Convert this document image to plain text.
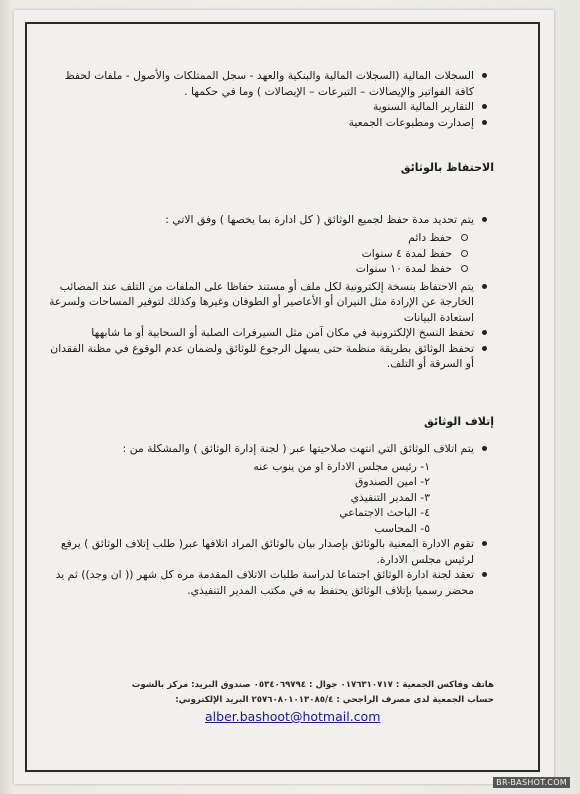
السجلات المالية (السجلات المالية والبنكية والعهد - سجل الممتلكات والأصول - ملفات لحفظ كافة الفواتير والإيصالات – التبرعات – الإيصالات ) وما في حكمها .
التقارير المالية السنوية
إصدارت ومطبوعات الجمعية

الاحتفاظ بالوثائق

يتم تحديد مدة حفظ لجميع الوثائق ( كل ادارة بما يخصها ) وفق الاتي :
حفظ دائم
حفظ لمدة ٤ سنوات
حفظ لمدة ١٠ سنوات
يتم الاحتفاظ بنسخة إلكترونية لكل ملف أو مستند حفاظا على الملفات من التلف عند المصائب الخارجة عن الإرادة مثل النيران أو الأعاصير أو الطوفان وغيرها وكذلك لتوفير المساحات ولسرعة استعادة البيانات
تحفظ النسخ الإلكترونية في مكان آمن مثل السيرفرات الصلبة أو السحابية أو ما شابهها
تحفظ الوثائق بطريقة منظمة حتى يسهل الرجوع للوثائق ولضمان عدم الوقوع في مظنة الفقدان أو السرقة أو التلف.

إتلاف الوثائق

يتم اتلاف الوثائق التي انتهت صلاحيتها عبر ( لجنة إدارة الوثائق ) والمشكلة من :
١- رئيس مجلس الادارة او من ينوب عنه
٢- امين الصندوق
٣- المدير التنفيذي
٤- الباحث الاجتماعي
٥- المحاسب
تقوم الادارة المعنية بالوثائق بإصدار بيان بالوثائق المراد اتلافها عبر( طلب إتلاف الوثائق ) يرفع لرئيس مجلس الادارة.
تعقد لجنة ادارة الوثائق اجتماعا لدراسة طلبات الاتلاف المقدمة مره كل شهر (( ان وجد)) ثم يد محضر رسميا بإتلاف الوثائق يحتفظ به في مكتب المدير التنفيذي.
هاتف وفاكس الجمعية : ٠١٧٦٣١٠٧١٧ جوال : ٠٥٣٤٠٦٩٧٩٤ صندوق البريد: مركز بالشوت
حساب الجمعية لدى مصرف الراجحي : ٢٥٧٦٠٨٠١٠١٣٠٨٥/٤ البريد الإلكتروني:
alber.bashoot@hotmail.com
BR-BASHOT.COM
